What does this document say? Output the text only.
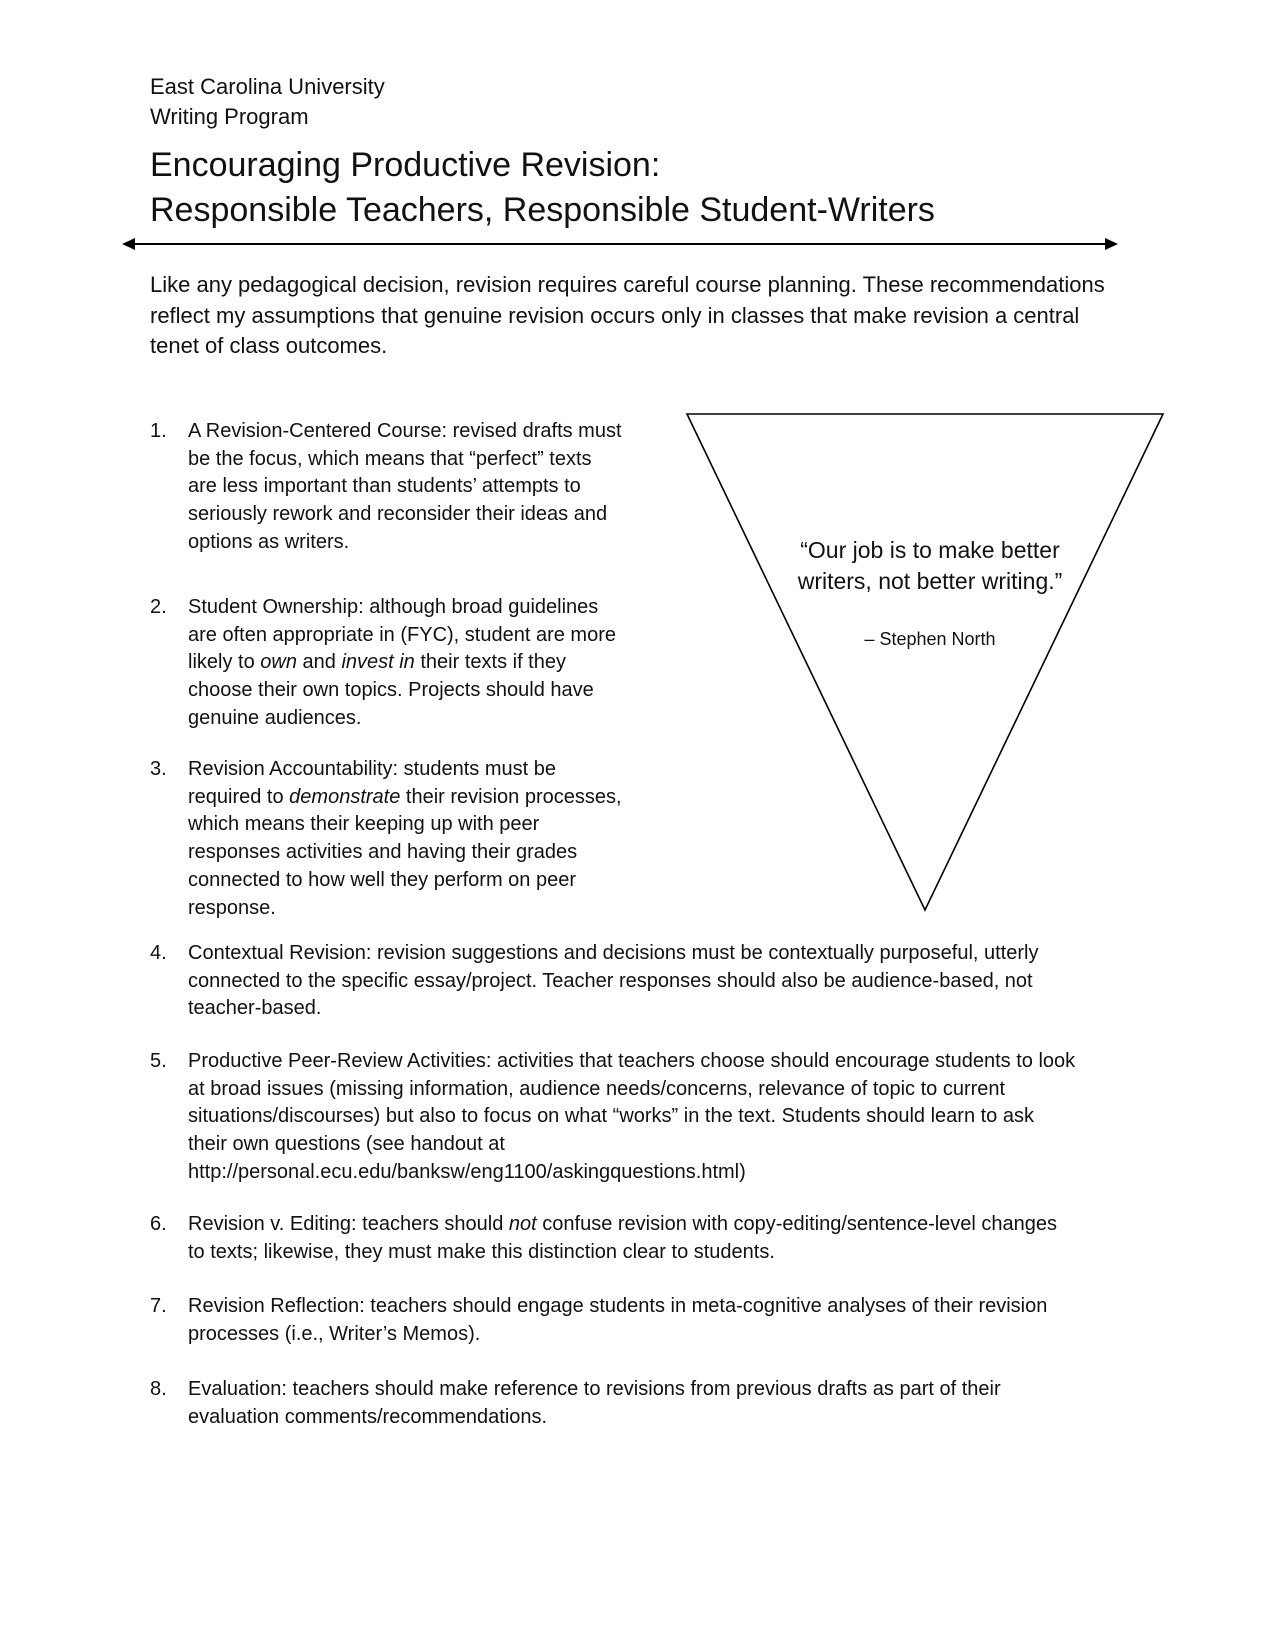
East Carolina University
Writing Program
Encouraging Productive Revision:
Responsible Teachers, Responsible Student-Writers

Like any pedagogical decision, revision requires careful course planning. These recommendations reflect my assumptions that genuine revision occurs only in classes that make revision a central tenet of class outcomes.

“Our job is to make better writers, not better writing.”

– Stephen North
1. A Revision-Centered Course: revised drafts must
be the focus, which means that “perfect” texts
are less important than students’ attempts to
seriously rework and reconsider their ideas and
options as writers.
2. Student Ownership: although broad guidelines
are often appropriate in (FYC), student are more
likely to own and invest in their texts if they
choose their own topics. Projects should have
genuine audiences.
3. Revision Accountability: students must be
required to demonstrate their revision processes,
which means their keeping up with peer
responses activities and having their grades
connected to how well they perform on peer
response.
4. Contextual Revision: revision suggestions and decisions must be contextually purposeful, utterly
connected to the specific essay/project. Teacher responses should also be audience-based, not
teacher-based.
5. Productive Peer-Review Activities: activities that teachers choose should encourage students to look
at broad issues (missing information, audience needs/concerns, relevance of topic to current
situations/discourses) but also to focus on what “works” in the text. Students should learn to ask
their own questions (see handout at
http://personal.ecu.edu/banksw/eng1100/askingquestions.html)
6. Revision v. Editing: teachers should not confuse revision with copy-editing/sentence-level changes
to texts; likewise, they must make this distinction clear to students.
7. Revision Reflection: teachers should engage students in meta-cognitive analyses of their revision
processes (i.e., Writer’s Memos).
8. Evaluation: teachers should make reference to revisions from previous drafts as part of their
evaluation comments/recommendations.
